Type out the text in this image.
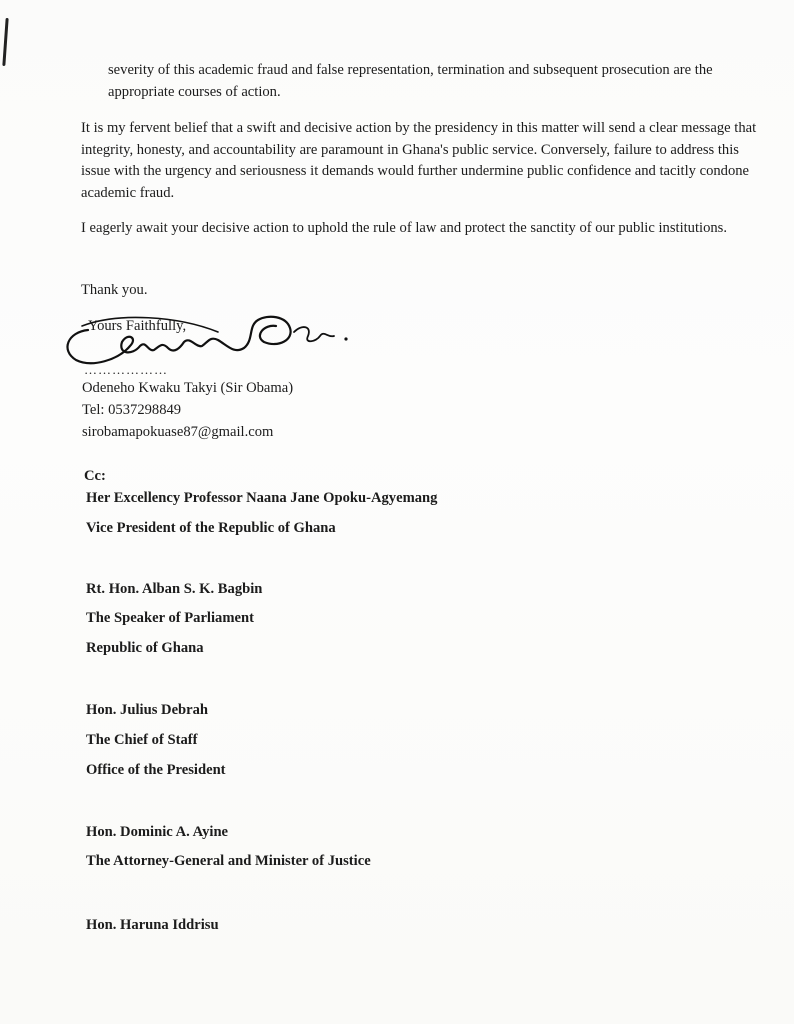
severity of this academic fraud and false representation, termination and subsequent prosecution are the appropriate courses of action.

It is my fervent belief that a swift and decisive action by the presidency in this matter will send a clear message that integrity, honesty, and accountability are paramount in Ghana's public service. Conversely, failure to address this issue with the urgency and seriousness it demands would further undermine public confidence and tacitly condone academic fraud.

I eagerly await your decisive action to uphold the rule of law and protect the sanctity of our public institutions.

Thank you.

Yours Faithfully,
………………
Odeneho Kwaku Takyi (Sir Obama)
Tel: 0537298849
sirobamapokuase87@gmail.com
Cc:
Her Excellency Professor Naana Jane Opoku-Agyemang
Vice President of the Republic of Ghana
Rt. Hon. Alban S. K. Bagbin
The Speaker of Parliament
Republic of Ghana
Hon. Julius Debrah
The Chief of Staff
Office of the President
Hon. Dominic A. Ayine
The Attorney-General and Minister of Justice
Hon. Haruna Iddrisu
